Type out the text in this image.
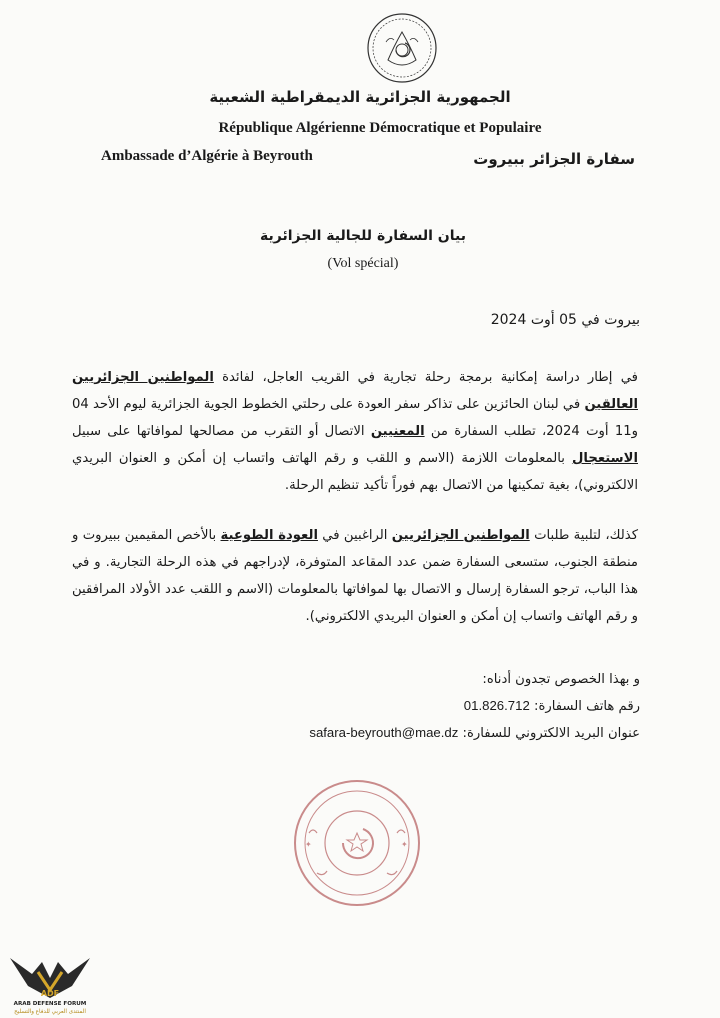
الجمهورية الجزائرية الديمقراطية الشعبية
République Algérienne Démocratique et Populaire
Ambassade d’Algérie à Beyrouth	سفارة الجزائر ببيروت
بيان السفارة للجالية الجزائرية
(Vol spécial)
بيروت في 05 أوت 2024
في إطار دراسة إمكانية برمجة رحلة تجارية في القريب العاجل، لفائدة المواطنين الجزائريين العالقين في لبنان الحائزين على تذاكر سفر العودة على رحلتي الخطوط الجوية الجزائرية ليوم الأحد 04 و11 أوت 2024، تطلب السفارة من المعنيين الاتصال أو التقرب من مصالحها لموافاتها على سبيل الاستعجال بالمعلومات اللازمة (الاسم و اللقب و رقم الهاتف واتساب إن أمكن و العنوان البريدي الالكتروني)، بغية تمكينها من الاتصال بهم فوراً تأكيد تنظيم الرحلة.
كذلك، لتلبية طلبات المواطنين الجزائريين الراغبين في العودة الطوعية بالأخص المقيمين ببيروت و منطقة الجنوب، ستسعى السفارة ضمن عدد المقاعد المتوفرة، لإدراجهم في هذه الرحلة التجارية. و في هذا الباب، ترجو السفارة إرسال و الاتصال بها لموافاتها بالمعلومات (الاسم و اللقب عدد الأولاد المرافقين و رقم الهاتف واتساب إن أمكن و العنوان البريدي الالكتروني).
و بهذا الخصوص تجدون أدناه:
رقم هاتف السفارة: 01.826.712
عنوان البريد الالكتروني للسفارة: safara-beyrouth@mae.dz
✦	✦
ADF
ARAB DEFENSE FORUM
المنتدى العربي للدفاع والتسليح
